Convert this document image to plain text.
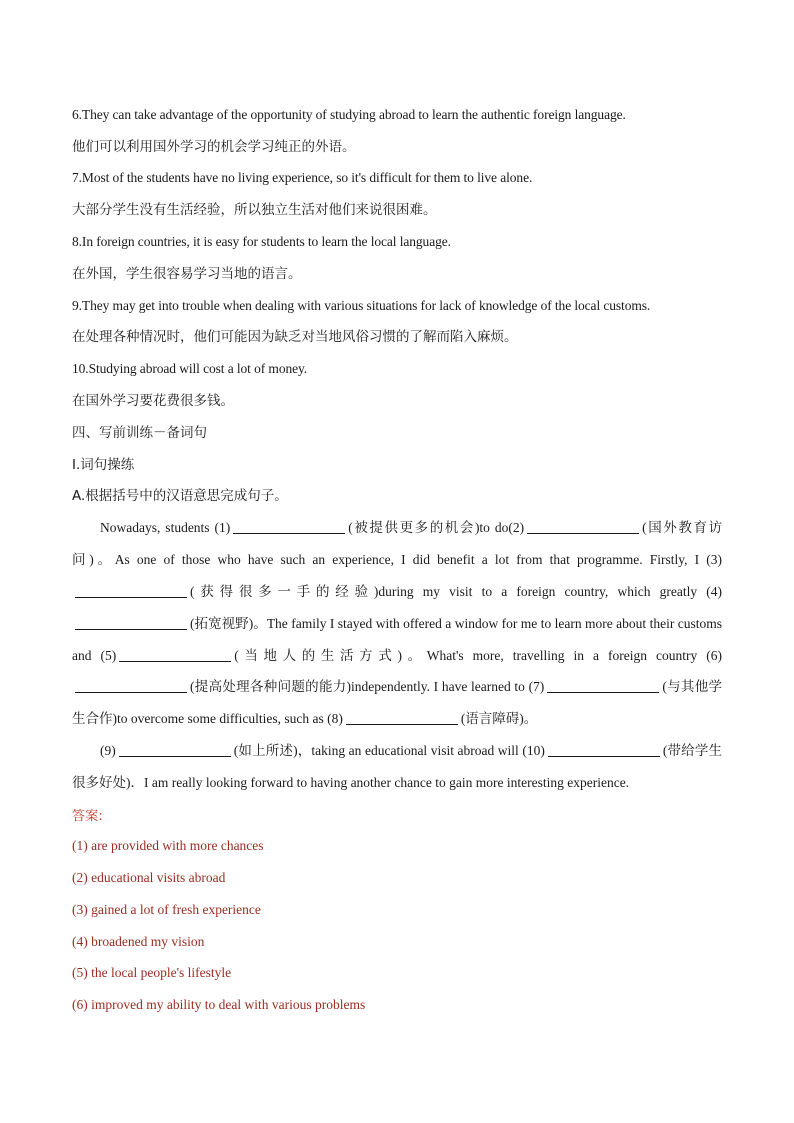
6.They can take advantage of the opportunity of studying abroad to learn the authentic foreign language.
他们可以利用国外学习的机会学习纯正的外语。
7.Most of the students have no living experience, so it's difficult for them to live alone.
大部分学生没有生活经验，所以独立生活对他们来说很困难。
8.In foreign countries, it is easy for students to learn the local language.
在外国，学生很容易学习当地的语言。
9.They may get into trouble when dealing with various situations for lack of knowledge of the local customs.
在处理各种情况时，他们可能因为缺乏对当地风俗习惯的了解而陷入麻烦。
10.Studying abroad will cost a lot of money.
在国外学习要花费很多钱。
四、写前训练－备词句
I.词句操练
A.根据括号中的汉语意思完成句子。

Nowadays, students (1)	(被提供更多的机会)to do(2)	(国外教育访问)。As one of those who have such an experience, I did benefit a lot from that programme. Firstly, I (3)(获得很多一手的经验)during my visit to a foreign country, which greatly (4)(拓宽视野)。The family I stayed with offered a window for me to learn more about their customs and (5)	(当地人的生活方式)。What's more, travelling in a foreign country (6)(提高处理各种问题的能力)independently. I have learned to (7)	(与其他学生合作)to overcome some difficulties, such as (8)	(语言障碍)。

(9)	(如上所述)，taking an educational visit abroad will (10)	(带给学生很多好处)．I am really looking forward to having another chance to gain more interesting experience.

答案:
(1) are provided with more chances
(2) educational visits abroad
(3) gained a lot of fresh experience
(4) broadened my vision
(5) the local people's lifestyle
(6) improved my ability to deal with various problems
